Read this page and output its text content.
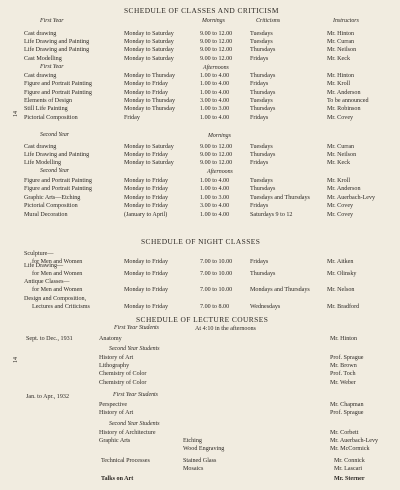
SCHEDULE OF CLASSES AND CRITICISM
First Year	Mornings	Criticisms	Instructors
Cast drawing	Monday to Saturday	9.00 to 12.00	Tuesdays	Mr. Hinton
Life Drawing and Painting	Monday to Saturday	9.00 to 12.00	Tuesdays	Mr. Curran
Life Drawing and Painting	Monday to Saturday	9.00 to 12.00	Thursdays	Mr. Neilson
Cast Modelling	Monday to Saturday	9.00 to 12.00	Fridays	Mr. Keck
First Year	Afternoons
Cast drawing	Monday to Thursday	1.00 to 4.00	Thursdays	Mr. Hinton
Figure and Portrait Painting	Monday to Friday	1.00 to 4.00	Fridays	Mr. Kroll
Figure and Portrait Painting	Monday to Friday	1.00 to 4.00	Thursdays	Mr. Anderson
Elements of Design	Monday to Thursday	3.00 to 4.00	Tuesdays	To be announced
Still Life Painting	Monday to Thursday	1.00 to 3.00	Thursdays	Mr. Robinson
Pictorial Composition	Friday	1.00 to 4.00	Fridays	Mr. Covey
Second Year	Mornings
Cast drawing	Monday to Saturday	9.00 to 12.00	Tuesdays	Mr. Curran
Life Drawing and Painting	Monday to Friday	9.00 to 12.00	Thursdays	Mr. Neilson
Life Modelling	Monday to Saturday	9.00 to 12.00	Fridays	Mr. Keck
Second Year	Afternoons
Figure and Portrait Painting	Monday to Friday	1.00 to 4.00	Tuesdays	Mr. Kroll
Figure and Portrait Painting	Monday to Friday	1.00 to 4.00	Thursdays	Mr. Anderson
Graphic Arts—Etching	Monday to Friday	1.00 to 3.00	Tuesdays and Thursdays	Mr. Auerbach-Levy
Pictorial Composition	Monday to Friday	3.00 to 4.00	Fridays	Mr. Covey
Mural Decoration	(January to April)	1.00 to 4.00	Saturdays 9 to 12	Mr. Covey
SCHEDULE OF NIGHT CLASSES
Sculpture—
for Men and Women	Monday to Friday	7.00 to 10.00	Fridays	Mr. Aitken
Life Drawing—
for Men and Women	Monday to Friday	7.00 to 10.00	Thursdays	Mr. Olinsky
Antique Classes—
for Men and Women	Monday to Friday	7.00 to 10.00	Mondays and Thursdays	Mr. Nelson
Design and Composition,
Lectures and Criticisms	Monday to Friday	7.00 to 8.00	Wednesdays	Mr. Bradford
SCHEDULE OF LECTURE COURSES
First Year Students	At 4:10 in the afternoons
Sept. to Dec., 1931	Anatomy	Mr. Hinton
Second Year Students
History of Art	Prof. Sprague
Lithography	Mr. Brown
Chemistry of Color	Prof. Toch
Chemistry of Color	Mr. Weber
Jan. to Apr., 1932	First Year Students
Perspective	Mr. Chapman
History of Art	Prof. Sprague
Second Year Students
History of Architecture	Mr. Corbett
Graphic Arts	Etching	Mr. Auerbach-Levy
Wood Engraving	Mr. McCormick
Technical Processes	Stained Glass	Mr. Connick
Mosaics	Mr. Lascari
Talks on Art	Mr. Sterner
14
14
